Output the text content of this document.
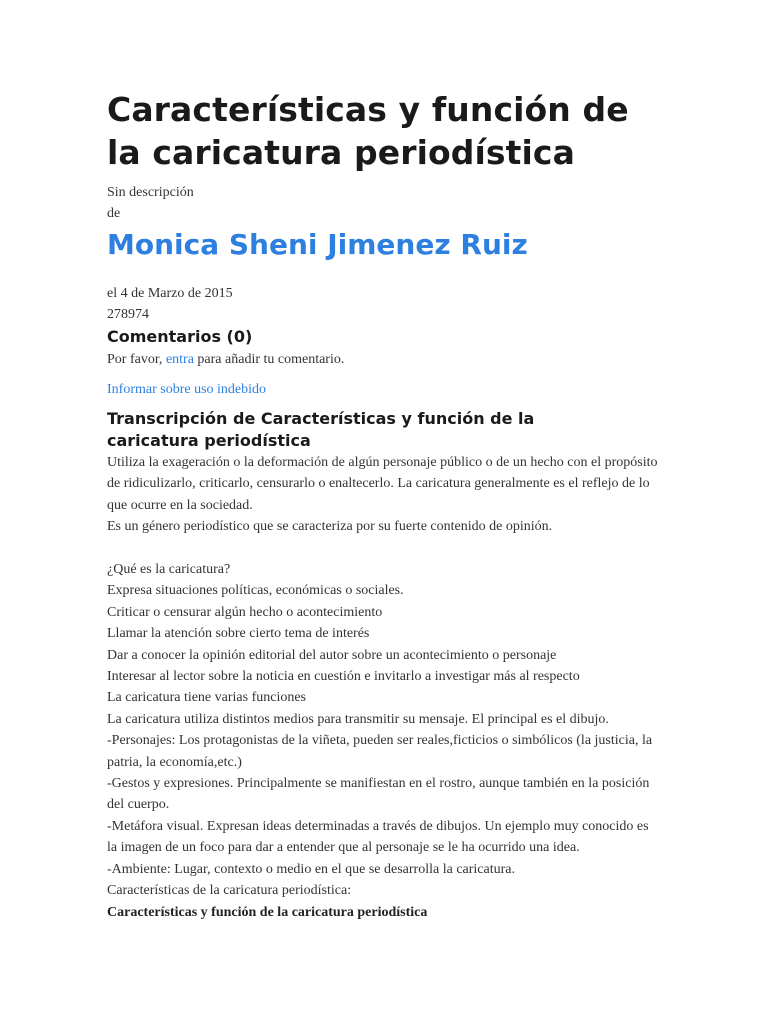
Características y función de la caricatura periodística
Sin descripción
de
Monica Sheni Jimenez Ruiz
el 4 de Marzo de 2015
278974
Comentarios (0)
Por favor, entra para añadir tu comentario.
Informar sobre uso indebido
Transcripción de Características y función de la caricatura periodística

Utiliza la exageración o la deformación de algún personaje público o de un hecho con el propósito de ridiculizarlo, criticarlo, censurarlo o enaltecerlo. La caricatura generalmente es el reflejo de lo que ocurre en la sociedad.

Es un género periodístico que se caracteriza por su fuerte contenido de opinión.

¿Qué es la caricatura?

Expresa situaciones políticas, económicas o sociales.

Criticar o censurar algún hecho o acontecimiento

Llamar la atención sobre cierto tema de interés

Dar a conocer la opinión editorial del autor sobre un acontecimiento o personaje

Interesar al lector sobre la noticia en cuestión e invitarlo a investigar más al respecto

La caricatura tiene varias funciones

La caricatura utiliza distintos medios para transmitir su mensaje. El principal es el dibujo.

-Personajes: Los protagonistas de la viñeta, pueden ser reales,ficticios o simbólicos (la justicia, la patria, la economía,etc.)

-Gestos y expresiones. Principalmente se manifiestan en el rostro, aunque también en la posición del cuerpo.

-Metáfora visual. Expresan ideas determinadas a través de dibujos. Un ejemplo muy conocido es la imagen de un foco para dar a entender que al personaje se le ha ocurrido una idea.

-Ambiente: Lugar, contexto o medio en el que se desarrolla la caricatura.

Características de la caricatura periodística:

Características y función de la caricatura periodística
